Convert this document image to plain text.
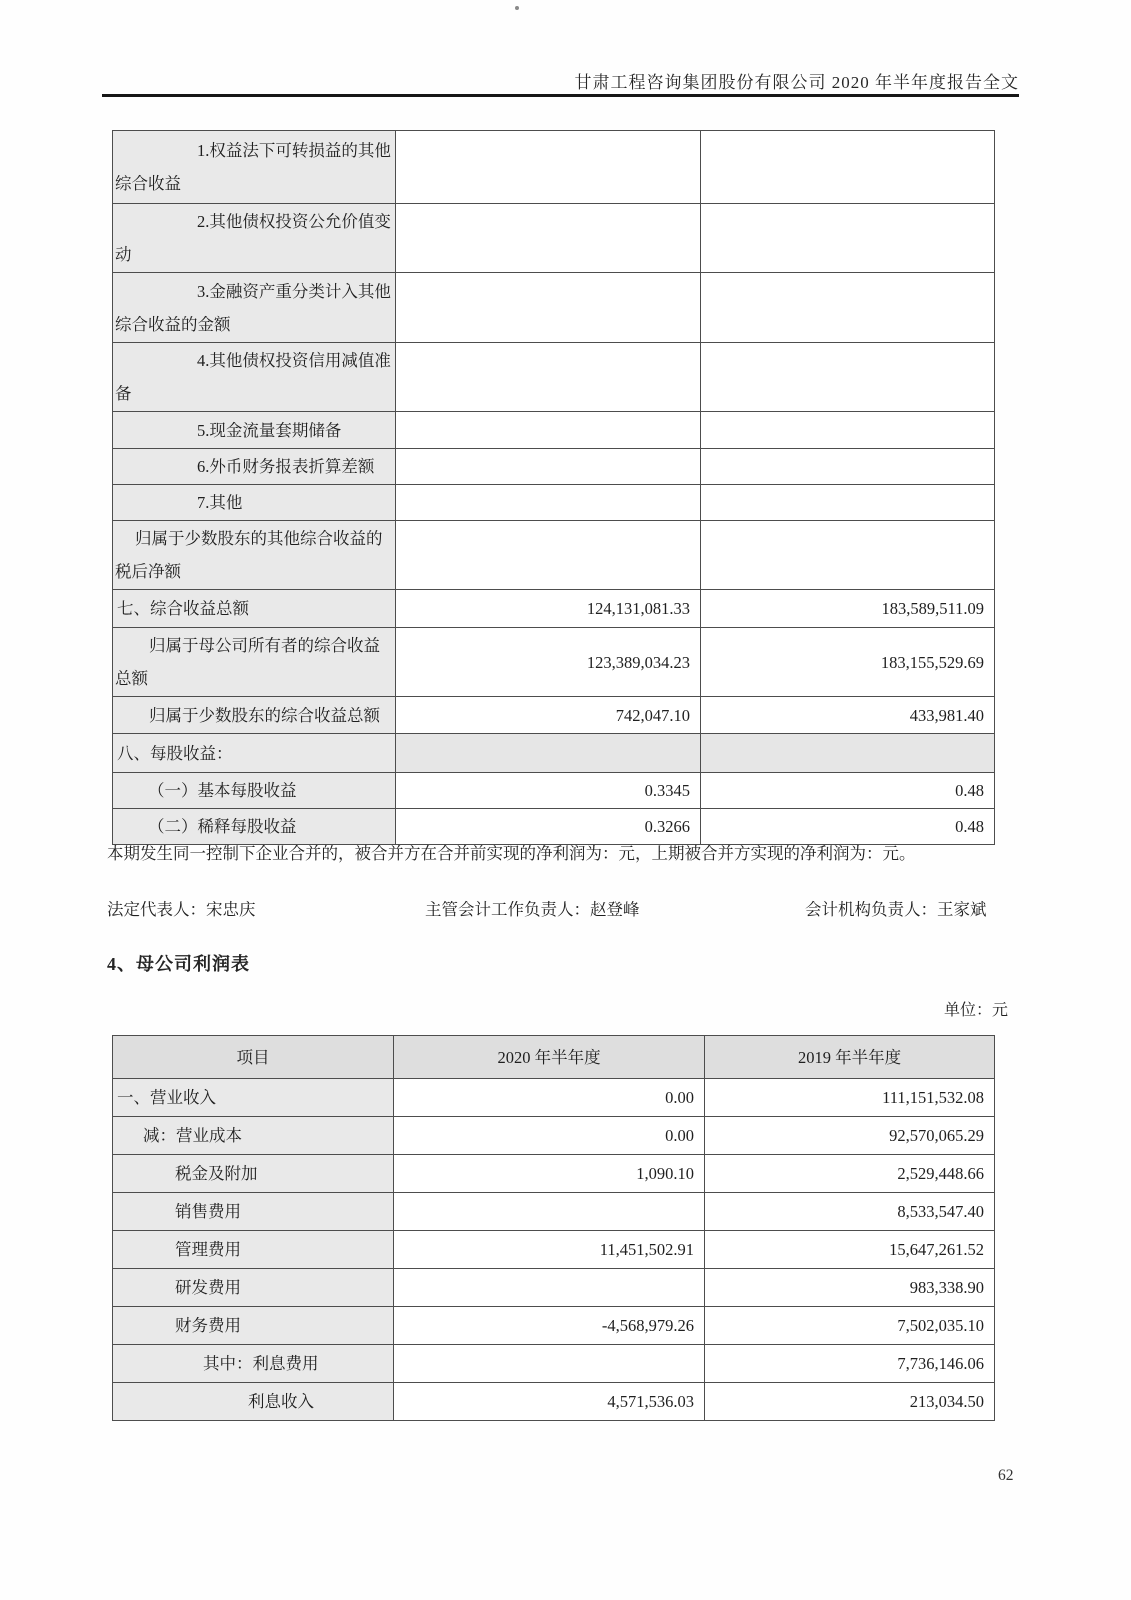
甘肃工程咨询集团股份有限公司 2020 年半年度报告全文
1.权益法下可转损益的其他综合收益		
2.其他债权投资公允价值变动		
3.金融资产重分类计入其他综合收益的金额		
4.其他债权投资信用减值准备		
5.现金流量套期储备		
6.外币财务报表折算差额		
7.其他		
归属于少数股东的其他综合收益的税后净额		
七、综合收益总额	124,131,081.33	183,589,511.09
归属于母公司所有者的综合收益总额	123,389,034.23	183,155,529.69
归属于少数股东的综合收益总额	742,047.10	433,981.40
八、每股收益：		
（一）基本每股收益	0.3345	0.48
（二）稀释每股收益	0.3266	0.48
本期发生同一控制下企业合并的，被合并方在合并前实现的净利润为：元，上期被合并方实现的净利润为：元。
法定代表人：宋忠庆	主管会计工作负责人：赵登峰	会计机构负责人：王家斌
4、母公司利润表
单位：元
项目	2020 年半年度	2019 年半年度
一、营业收入	0.00	111,151,532.08
减：营业成本	0.00	92,570,065.29
税金及附加	1,090.10	2,529,448.66
销售费用		8,533,547.40
管理费用	11,451,502.91	15,647,261.52
研发费用		983,338.90
财务费用	-4,568,979.26	7,502,035.10
其中：利息费用		7,736,146.06
利息收入	4,571,536.03	213,034.50
62
